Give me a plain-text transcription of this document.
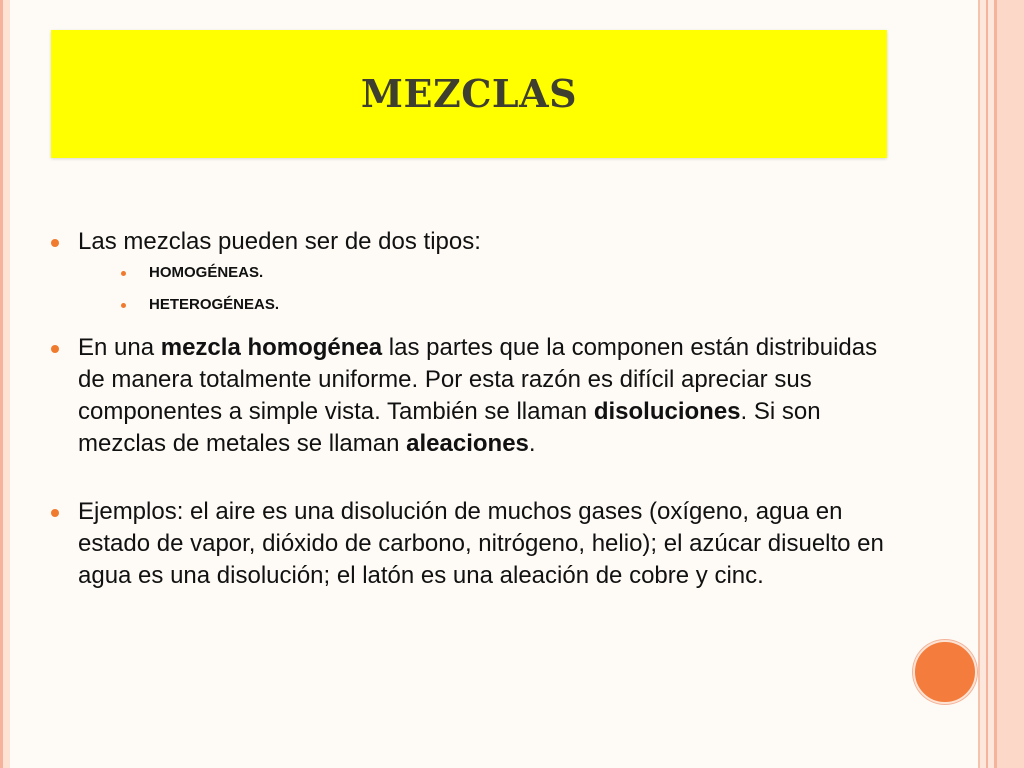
MEZCLAS
Las mezclas pueden ser de dos tipos:
HOMOGÉNEAS.
HETEROGÉNEAS.
En una mezcla homogénea las partes que la componen están distribuidas de manera totalmente uniforme. Por esta razón es difícil apreciar sus componentes a simple vista. También se llaman disoluciones. Si son mezclas de metales se llaman aleaciones.
Ejemplos: el aire es una disolución de muchos gases (oxígeno, agua en estado de vapor, dióxido de carbono, nitrógeno, helio); el azúcar disuelto en agua es una disolución; el latón es una aleación de cobre y cinc.
